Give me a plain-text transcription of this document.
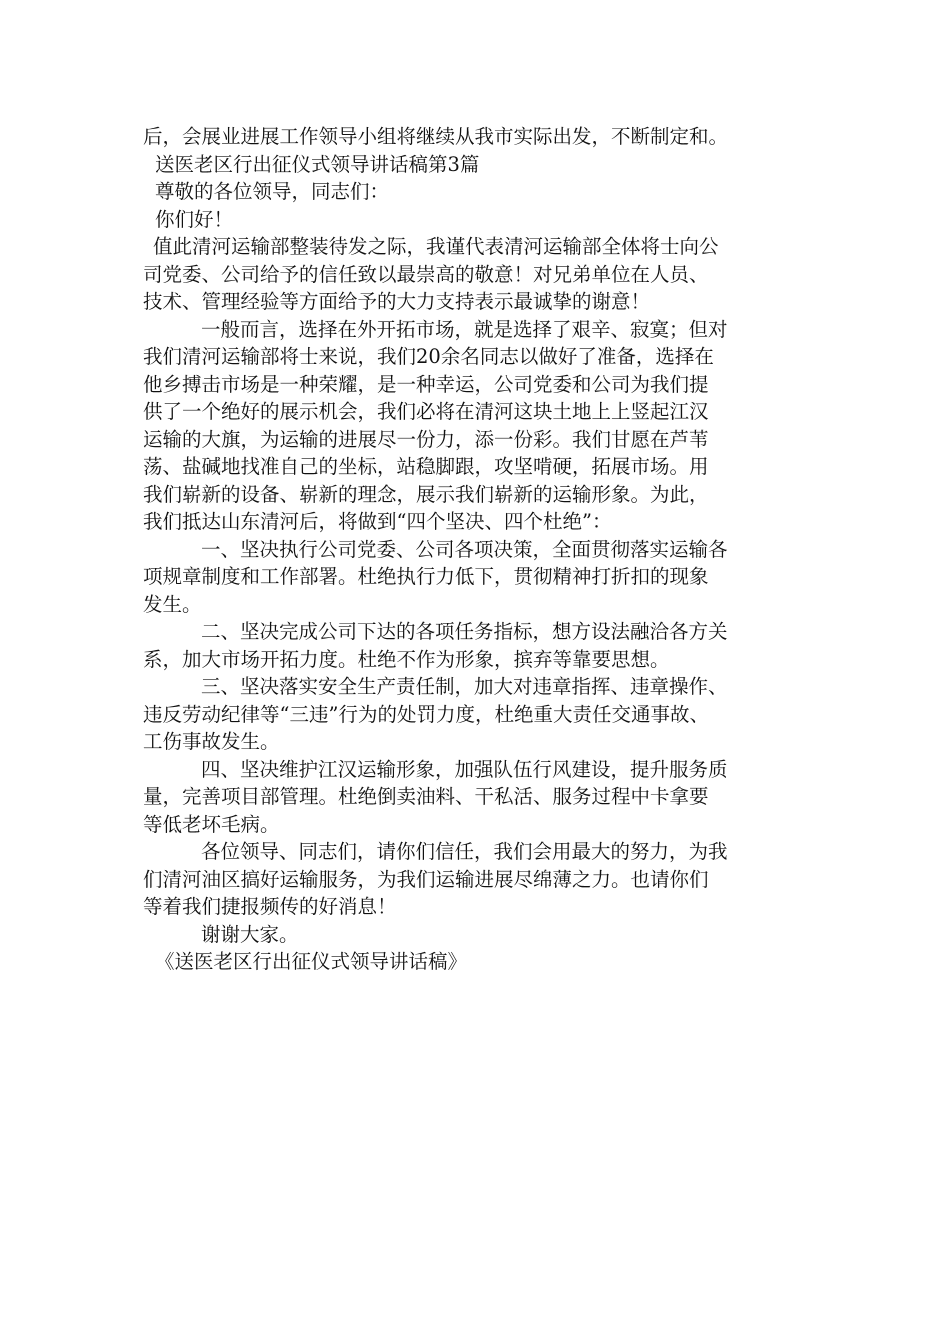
后，会展业进展工作领导小组将继续从我市实际出发，不断制定和。
送医老区行出征仪式领导讲话稿第3篇
尊敬的各位领导，同志们：
你们好！
值此清河运输部整装待发之际，我谨代表清河运输部全体将士向公
司党委、公司给予的信任致以最崇高的敬意！对兄弟单位在人员、
技术、管理经验等方面给予的大力支持表示最诚挚的谢意！
一般而言，选择在外开拓市场，就是选择了艰辛、寂寞；但对
我们清河运输部将士来说，我们20余名同志以做好了准备，选择在
他乡搏击市场是一种荣耀，是一种幸运，公司党委和公司为我们提
供了一个绝好的展示机会，我们必将在清河这块土地上上竖起江汉
运输的大旗，为运输的进展尽一份力，添一份彩。我们甘愿在芦苇
荡、盐碱地找准自己的坐标，站稳脚跟，攻坚啃硬，拓展市场。用
我们崭新的设备、崭新的理念，展示我们崭新的运输形象。为此，
我们抵达山东清河后，将做到“四个坚决、四个杜绝”：
一、坚决执行公司党委、公司各项决策，全面贯彻落实运输各
项规章制度和工作部署。杜绝执行力低下，贯彻精神打折扣的现象
发生。
二、坚决完成公司下达的各项任务指标，想方设法融洽各方关
系，加大市场开拓力度。杜绝不作为形象，摈弃等靠要思想。
三、坚决落实安全生产责任制，加大对违章指挥、违章操作、
违反劳动纪律等“三违”行为的处罚力度，杜绝重大责任交通事故、
工伤事故发生。
四、坚决维护江汉运输形象，加强队伍行风建设，提升服务质
量，完善项目部管理。杜绝倒卖油料、干私活、服务过程中卡拿要
等低老坏毛病。
各位领导、同志们，请你们信任，我们会用最大的努力，为我
们清河油区搞好运输服务，为我们运输进展尽绵薄之力。也请你们
等着我们捷报频传的好消息！
谢谢大家。
《送医老区行出征仪式领导讲话稿》
